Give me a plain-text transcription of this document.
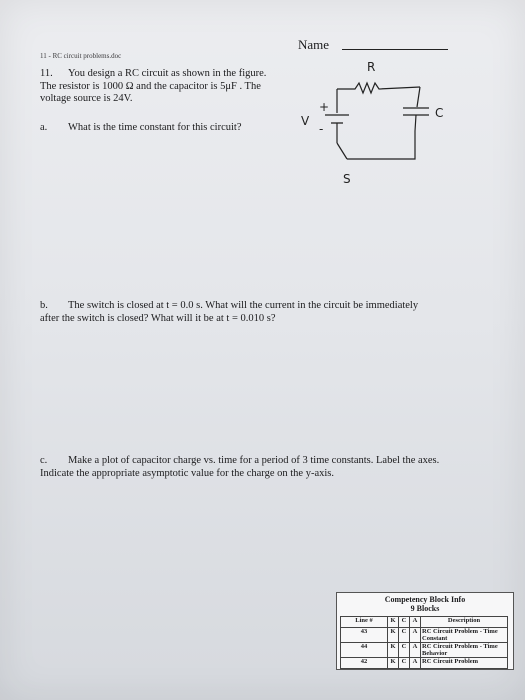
11 - RC circuit problems.doc
Name
11. You design a RC circuit as shown in the figure. The resistor is 1000 Ω and the capacitor is 5μF . The voltage source is 24V.
a. What is the time constant for this circuit?
R
+
-
V
S
C
b. The switch is closed at t = 0.0 s. What will the current in the circuit be immediately after the switch is closed? What will it be at t = 0.010 s?
c. Make a plot of capacitor charge vs. time for a period of 3 time constants. Label the axes. Indicate the appropriate asymptotic value for the charge on the y-axis.
Competency Block Info
9 Blocks
Line #	K	C	A	Description
43	K	C	A	RC Circuit Problem - Time Constant
44	K	C	A	RC Circuit Problem - Time Behavior
42	K	C	A	RC Circuit Problem
